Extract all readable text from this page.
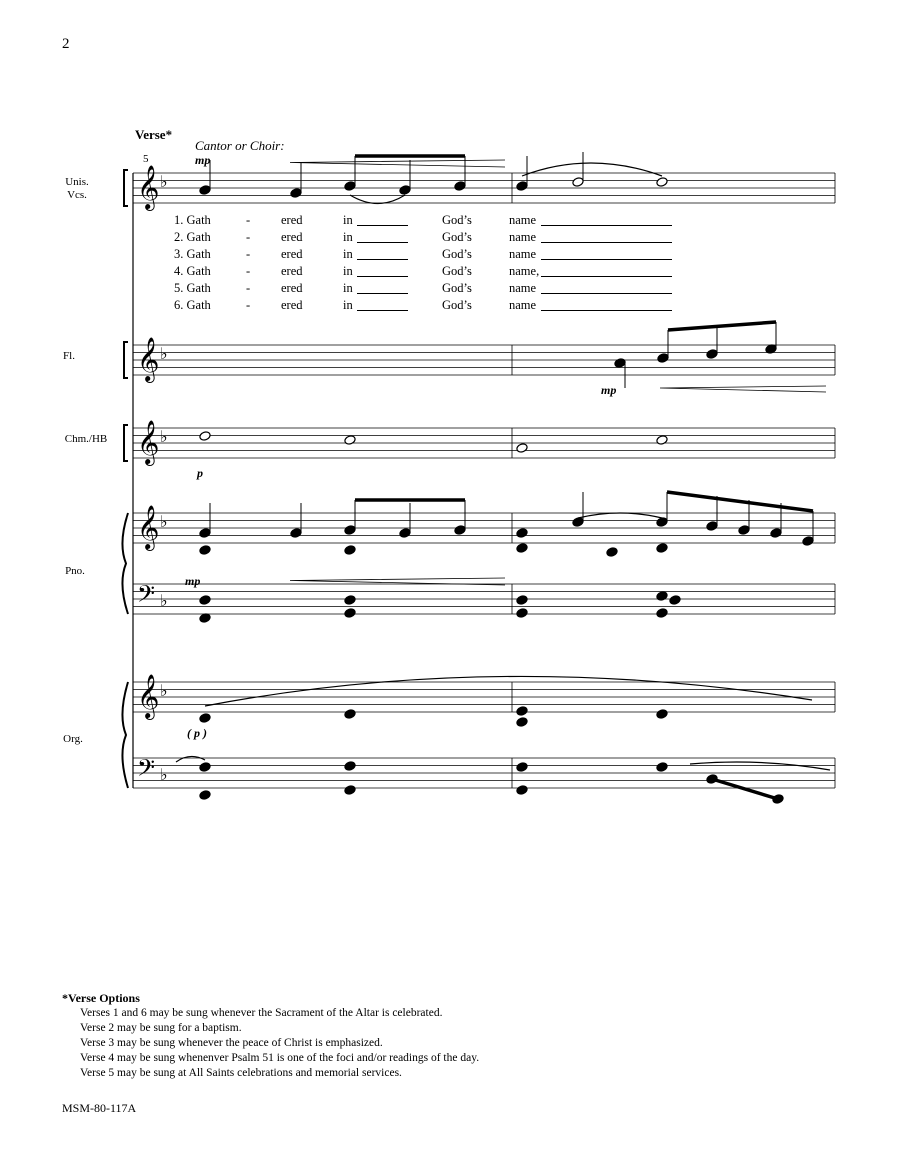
2
Verse*
Cantor or Choir:
5	mp
mp
p
mp
( p )
Unis.
Vcs.
Fl.
Chm./HB
Pno.
Org.
1. Gath	- ered	in	God’s	name
2. Gath	- ered	in	God’s	name
3. Gath	- ered	in	God’s	name
4. Gath	- ered	in	God’s	name,
5. Gath	- ered	in	God’s	name
6. Gath	- ered	in	God’s	name
*Verse Options
Verses 1 and 6 may be sung whenever the Sacrament of the Altar is celebrated.
Verse 2 may be sung for a baptism.
Verse 3 may be sung whenever the peace of Christ is emphasized.
Verse 4 may be sung whenenver Psalm 51 is one of the foci and/or readings of the day.
Verse 5 may be sung at All Saints celebrations and memorial services.
MSM-80-117A
𝄞 ♭
𝄞 ♭
𝄞 ♭
𝄞 ♭
𝄢 ♭
𝄞 ♭
𝄢 ♭
